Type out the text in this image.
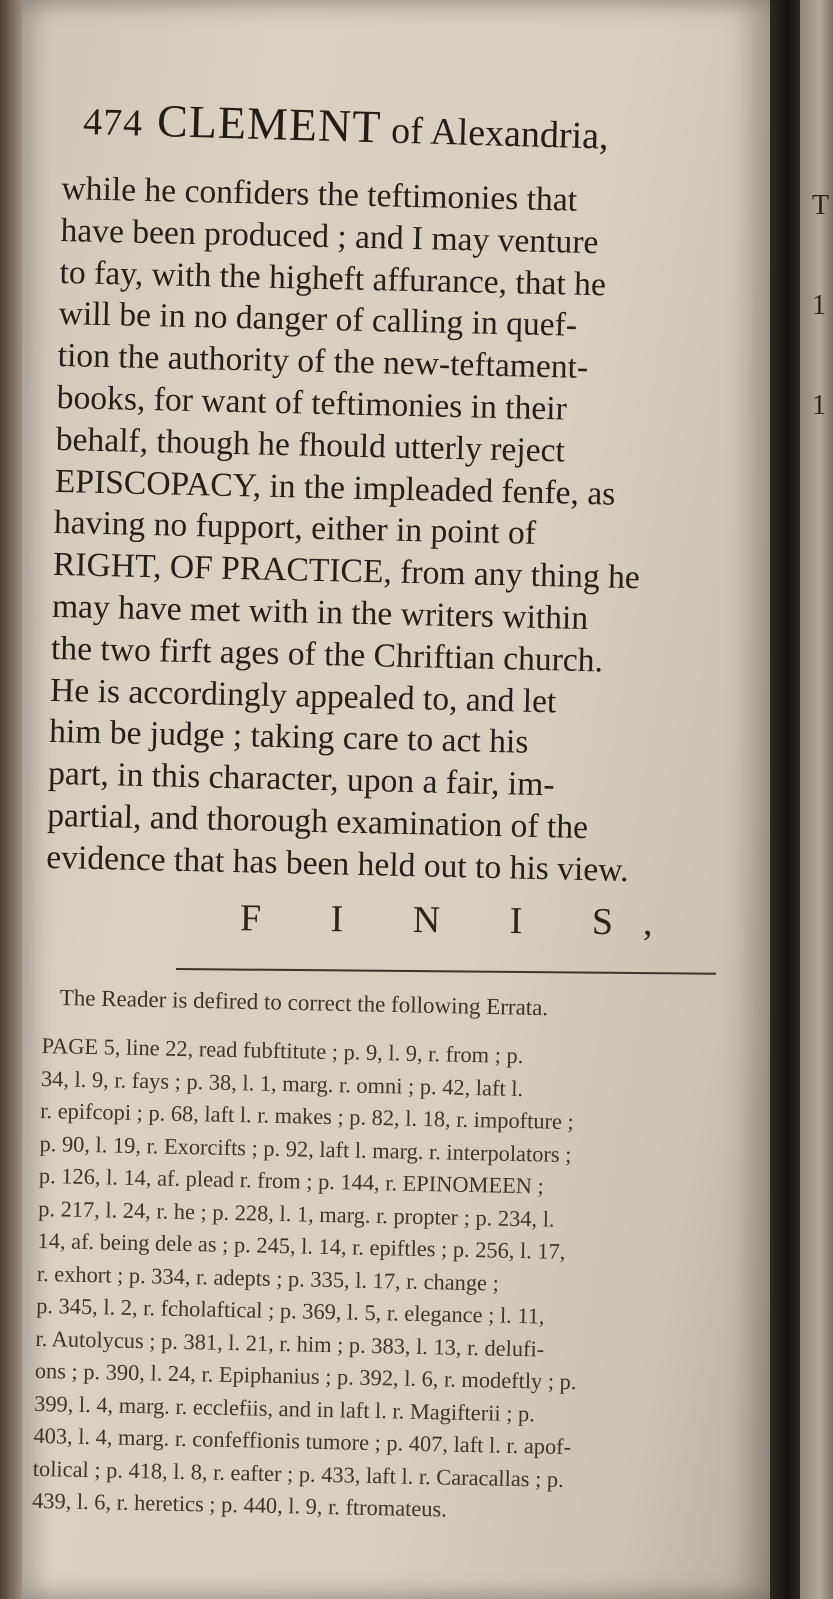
T
1
1
474 CLEMENT of Alexandria,
while he confiders the teftimonies that
have been produced ; and I may venture
to fay, with the higheft affurance, that he
will be in no danger of calling in quef-
tion the authority of the new-teftament-
books, for want of teftimonies in their
behalf, though he fhould utterly reject
EPISCOPACY, in the impleaded fenfe, as
having no fupport, either in point of
RIGHT, OF PRACTICE, from any thing he
may have met with in the writers within
the two firft ages of the Chriftian church.
He is accordingly appealed to, and let
him be judge ; taking care to act his
part, in this character, upon a fair, im-
partial, and thorough examination of the
evidence that has been held out to his view.
F I N I S,
The Reader is defired to correct the following Errata.
PAGE 5, line 22, read fubftitute ; p. 9, l. 9, r. from ; p.
34, l. 9, r. fays ; p. 38, l. 1, marg. r. omni ; p. 42, laft l.
r. epifcopi ; p. 68, laft l. r. makes ; p. 82, l. 18, r. impofture ;
p. 90, l. 19, r. Exorcifts ; p. 92, laft l. marg. r. interpolators ;
p. 126, l. 14, af. plead r. from ; p. 144, r. EPINOMEEN ;
p. 217, l. 24, r. he ; p. 228, l. 1, marg. r. propter ; p. 234, l.
14, af. being dele as ; p. 245, l. 14, r. epiftles ; p. 256, l. 17,
r. exhort ; p. 334, r. adepts ; p. 335, l. 17, r. change ;
p. 345, l. 2, r. fcholaftical ; p. 369, l. 5, r. elegance ; l. 11,
r. Autolycus ; p. 381, l. 21, r. him ; p. 383, l. 13, r. delufi-
ons ; p. 390, l. 24, r. Epiphanius ; p. 392, l. 6, r. modeftly ; p.
399, l. 4, marg. r. ecclefiis, and in laft l. r. Magifterii ; p.
403, l. 4, marg. r. confeffionis tumore ; p. 407, laft l. r. apof-
tolical ; p. 418, l. 8, r. eafter ; p. 433, laft l. r. Caracallas ; p.
439, l. 6, r. heretics ; p. 440, l. 9, r. ftromateus.
